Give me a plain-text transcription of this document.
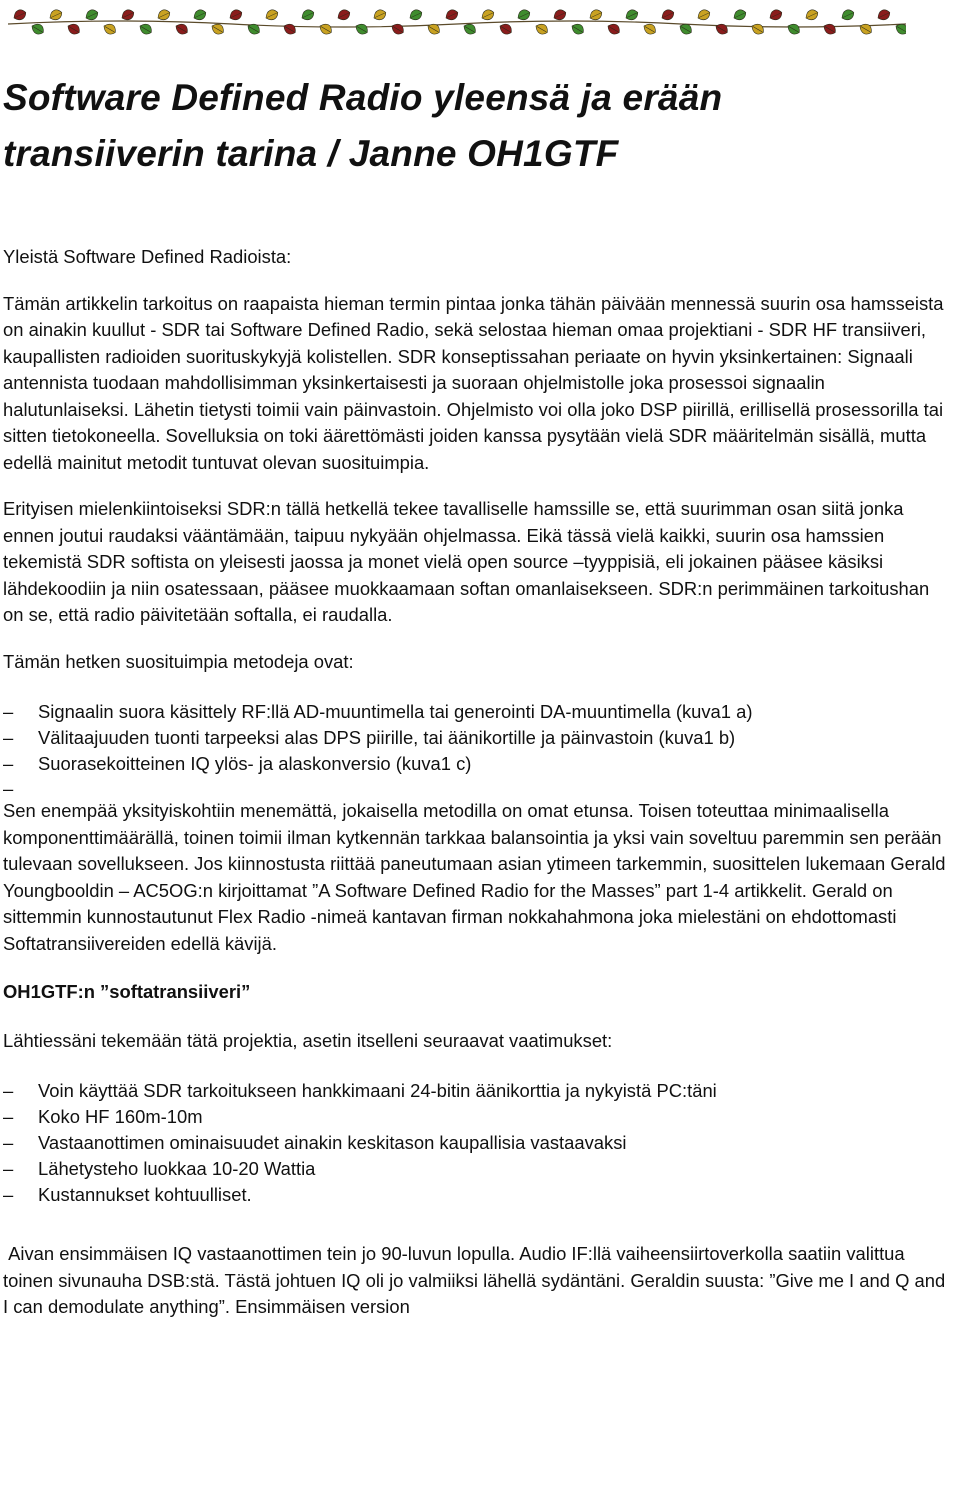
Software Defined Radio yleensä ja erään
transiiverin tarina / Janne OH1GTF

Yleistä Software Defined Radioista:

Tämän artikkelin tarkoitus on raapaista hieman termin pintaa jonka tähän päivään mennessä suurin osa hamsseista on ainakin kuullut - SDR tai Software Defined Radio, sekä selostaa hieman omaa projektiani - SDR HF transiiveri, kaupallisten radioiden suorituskykyjä kolistellen. SDR konseptissahan periaate on hyvin yksinkertainen: Signaali antennista tuodaan mahdollisimman yksinkertaisesti ja suoraan ohjelmistolle joka prosessoi signaalin halutunlaiseksi. Lähetin tietysti toimii vain päinvastoin. Ohjelmisto voi olla joko DSP piirillä, erillisellä prosessorilla tai sitten tietokoneella. Sovelluksia on toki äärettömästi joiden kanssa pysytään vielä SDR määritelmän sisällä, mutta edellä mainitut metodit tuntuvat olevan suosituimpia.

Erityisen mielenkiintoiseksi SDR:n tällä hetkellä tekee tavalliselle hamssille se, että suurimman osan siitä jonka ennen joutui raudaksi vääntämään, taipuu nykyään ohjelmassa. Eikä tässä vielä kaikki, suurin osa hamssien tekemistä SDR softista on yleisesti jaossa ja monet vielä open source –tyyppisiä, eli jokainen pääsee käsiksi lähdekoodiin ja niin osatessaan, pääsee muokkaamaan softan omanlaisekseen. SDR:n perimmäinen tarkoitushan on se, että radio päivitetään softalla, ei raudalla.

Tämän hetken suosituimpia metodeja ovat:

– Signaalin suora käsittely RF:llä AD-muuntimella tai generointi DA-muuntimella (kuva1 a)
– Välitaajuuden tuonti tarpeeksi alas DPS piirille, tai äänikortille ja päinvastoin (kuva1 b)
– Suorasekoitteinen IQ ylös- ja alaskonversio (kuva1 c)
–

Sen enempää yksityiskohtiin menemättä, jokaisella metodilla on omat etunsa. Toisen toteuttaa minimaalisella komponenttimäärällä, toinen toimii ilman kytkennän tarkkaa balansointia ja yksi vain soveltuu paremmin sen perään tulevaan sovellukseen. Jos kiinnostusta riittää paneutumaan asian ytimeen tarkemmin, suosittelen lukemaan Gerald Youngbooldin – AC5OG:n kirjoittamat ”A Software Defined Radio for the Masses” part 1-4 artikkelit. Gerald on sittemmin kunnostautunut Flex Radio -nimeä kantavan firman nokkahahmona joka mielestäni on ehdottomasti Softatransiivereiden edellä kävijä.

OH1GTF:n ”softatransiiveri”

Lähtiessäni tekemään tätä projektia, asetin itselleni seuraavat vaatimukset:

– Voin käyttää SDR tarkoitukseen hankkimaani 24-bitin äänikorttia ja nykyistä PC:täni
– Koko HF 160m-10m
– Vastaanottimen ominaisuudet ainakin keskitason kaupallisia vastaavaksi
– Lähetysteho luokkaa 10-20 Wattia
– Kustannukset kohtuulliset.

Aivan ensimmäisen IQ vastaanottimen tein jo 90-luvun lopulla. Audio IF:llä vaiheensiirtoverkolla saatiin valittua toinen sivunauha DSB:stä. Tästä johtuen IQ oli jo valmiiksi lähellä sydäntäni. Geraldin suusta: ”Give me I and Q and I can demodulate anything”. Ensimmäisen version
